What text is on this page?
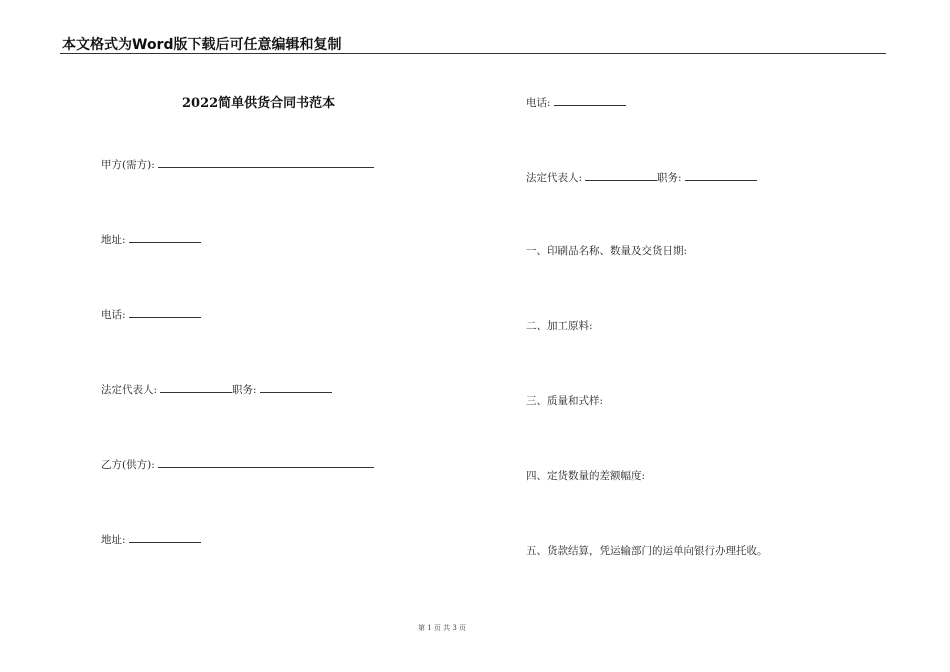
本文格式为Word版下载后可任意编辑和复制
2022简单供货合同书范本
甲方(需方):
地址:
电话:
法定代表人:	职务:
乙方(供方):
地址:
电话:
法定代表人:	职务:
一、印刷品名称、数量及交货日期:
二、加工原料:
三、质量和式样:
四、定货数量的差额幅度:
五、货款结算，凭运输部门的运单向银行办理托收。
第 1 页 共 3 页
